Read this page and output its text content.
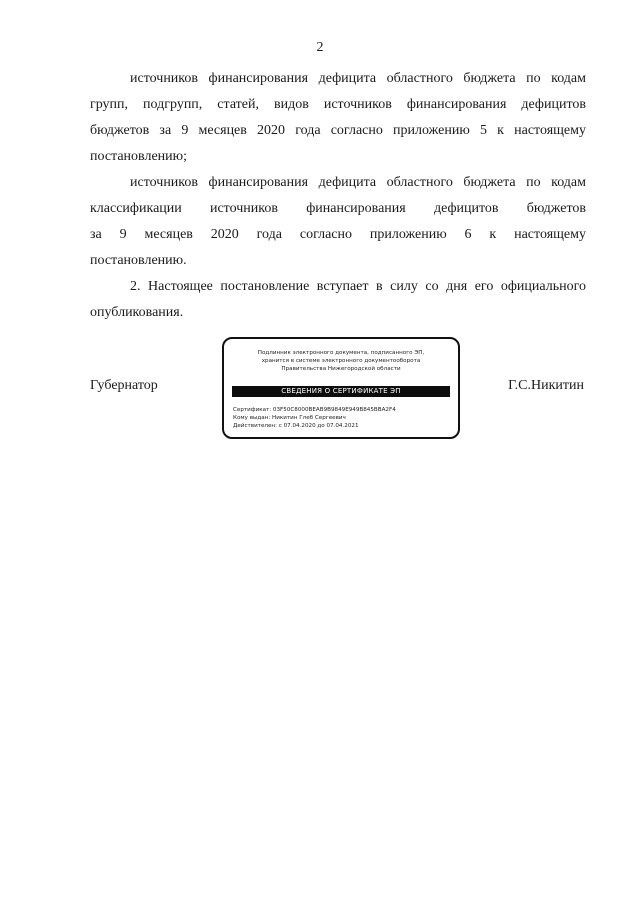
2
источников финансирования дефицита областного бюджета по кодам
групп, подгрупп, статей, видов источников финансирования дефицитов
бюджетов за 9 месяцев 2020 года согласно приложению 5 к настоящему
постановлению;
источников финансирования дефицита областного бюджета по кодам
классификации источников финансирования дефицитов бюджетов
за 9 месяцев 2020 года согласно приложению 6 к настоящему
постановлению.
2. Настоящее постановление вступает в силу со дня его официального
опубликования.
Губернатор
Подлинник электронного документа, подписанного ЭП,
хранится в системе электронного документооборота
Правительства Нижегородской области
СВЕДЕНИЯ О СЕРТИФИКАТЕ ЭП
Сертификат: 03F50C8000BEAB9B9849E949B845BBA2F4
Кому выдан: Никитин Глеб Сергеевич
Действителен: с 07.04.2020 до 07.04.2021
Г.С.Никитин
